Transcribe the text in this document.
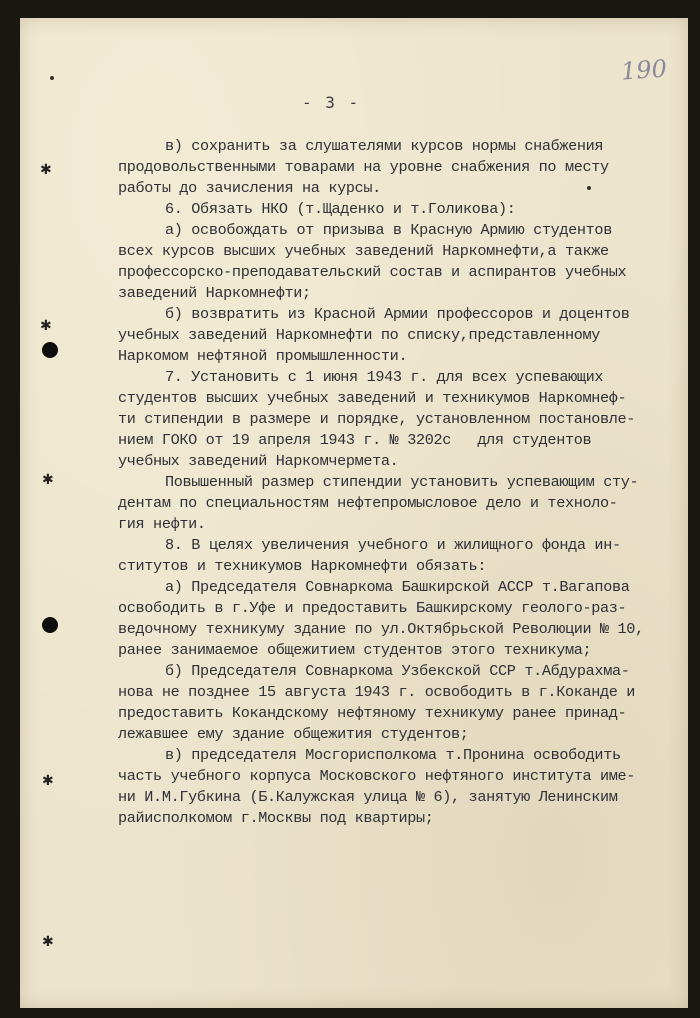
190
- 3 -
✱
✱
✱
✱
✱
в) сохранить за слушателями курсов нормы снабжения
продовольственными товарами на уровне снабжения по месту
работы до зачисления на курсы.
6. Обязать НКО (т.Щаденко и т.Голикова):
а) освобождать от призыва в Красную Армию студентов
всех курсов высших учебных заведений Наркомнефти,а также
профессорско-преподавательский состав и аспирантов учебных
заведений Наркомнефти;
б) возвратить из Красной Армии профессоров и доцентов
учебных заведений Наркомнефти по списку,представленному
Наркомом нефтяной промышленности.
7. Установить с 1 июня 1943 г. для всех успевающих
студентов высших учебных заведений и техникумов Наркомнеф-
ти стипендии в размере и порядке, установленном постановле-
нием ГОКО от 19 апреля 1943 г. № 3202с   для студентов
учебных заведений Наркомчермета.
Повышенный размер стипендии установить успевающим сту-
дентам по специальностям нефтепромысловое дело и техноло-
гия нефти.
8. В целях увеличения учебного и жилищного фонда ин-
ститутов и техникумов Наркомнефти обязать:
а) Председателя Совнаркома Башкирской АССР т.Вагапова
освободить в г.Уфе и предоставить Башкирскому геолого-раз-
ведочному техникуму здание по ул.Октябрьской Революции № 10,
ранее занимаемое общежитием студентов этого техникума;
б) Председателя Совнаркома Узбекской ССР т.Абдурахма-
нова не позднее 15 августа 1943 г. освободить в г.Коканде и
предоставить Кокандскому нефтяному техникуму ранее принад-
лежавшее ему здание общежития студентов;
в) председателя Мосгорисполкома т.Пронина освободить
часть учебного корпуса Московского нефтяного института име-
ни И.М.Губкина (Б.Калужская улица № 6), занятую Ленинским
райисполкомом г.Москвы под квартиры;
